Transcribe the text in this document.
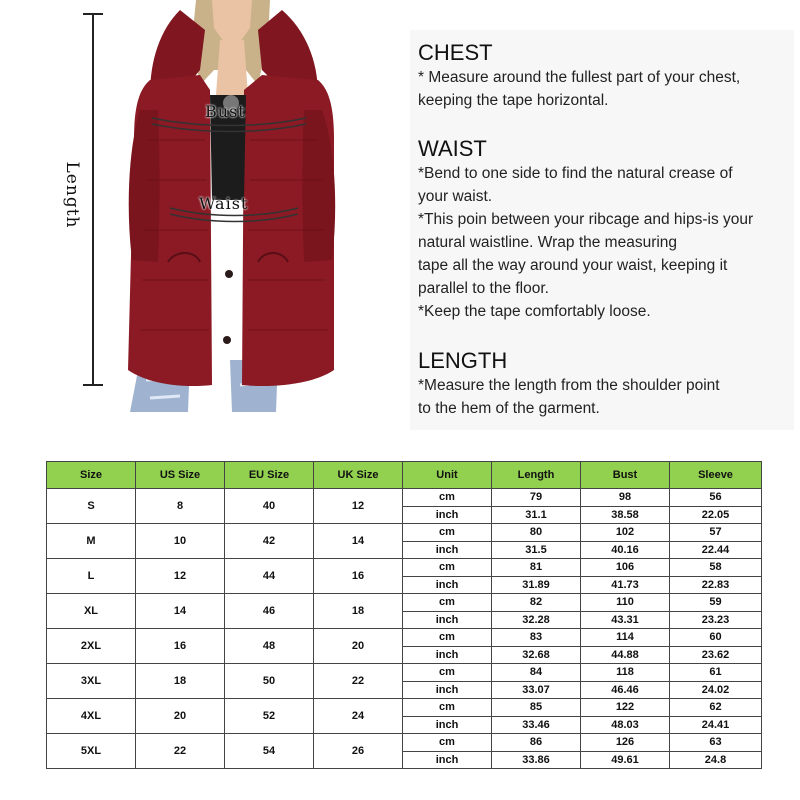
Length
Bust
Waist
CHEST
* Measure around the fullest part of your chest,
keeping the tape horizontal.
WAIST
*Bend to one side to find the natural crease of
your waist.
*This poin between your ribcage and hips-is your
natural waistline. Wrap the measuring
tape all the way around your waist, keeping it
parallel to the floor.
*Keep the tape comfortably loose.
LENGTH
*Measure the length from the shoulder point
to the hem of the garment.
Size	US Size	EU Size	UK Size	Unit	Length	Bust	Sleeve
S	8	40	12	cm	79	98	56
				inch	31.1	38.58	22.05
M	10	42	14	cm	80	102	57
				inch	31.5	40.16	22.44
L	12	44	16	cm	81	106	58
				inch	31.89	41.73	22.83
XL	14	46	18	cm	82	110	59
				inch	32.28	43.31	23.23
2XL	16	48	20	cm	83	114	60
				inch	32.68	44.88	23.62
3XL	18	50	22	cm	84	118	61
				inch	33.07	46.46	24.02
4XL	20	52	24	cm	85	122	62
				inch	33.46	48.03	24.41
5XL	22	54	26	cm	86	126	63
				inch	33.86	49.61	24.8
